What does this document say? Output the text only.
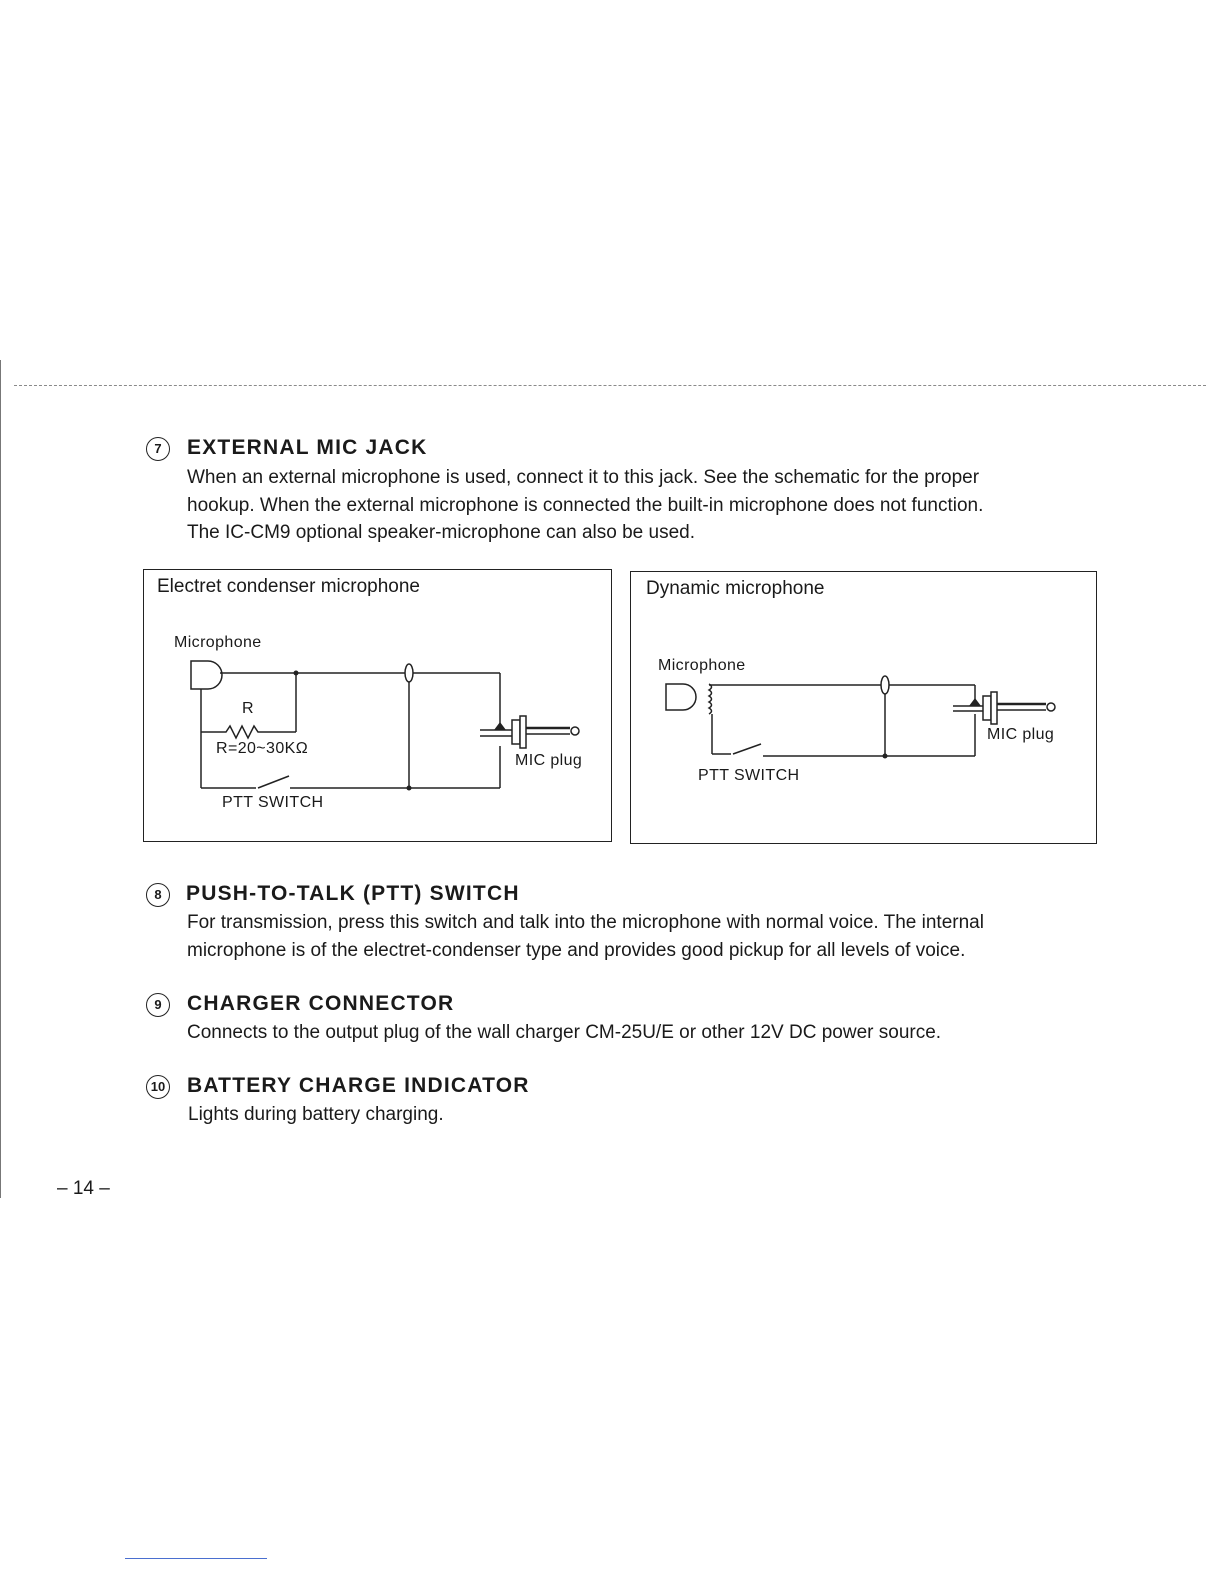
7	EXTERNAL MIC JACK
When an external microphone is used, connect it to this jack. See the schematic for the proper
hookup. When the external microphone is connected the built-in microphone does not function.
The IC-CM9 optional speaker-microphone can also be used.
Electret condenser microphone
Microphone
R
R=20~30KΩ
PTT SWITCH
MIC plug
Dynamic microphone
Microphone
PTT SWITCH
MIC plug
8	PUSH-TO-TALK (PTT) SWITCH
For transmission, press this switch and talk into the microphone with normal voice. The internal
microphone is of the electret-condenser type and provides good pickup for all levels of voice.
9	CHARGER CONNECTOR
Connects to the output plug of the wall charger CM-25U/E or other 12V DC power source.
10 BATTERY CHARGE INDICATOR
Lights during battery charging.
– 14 –
